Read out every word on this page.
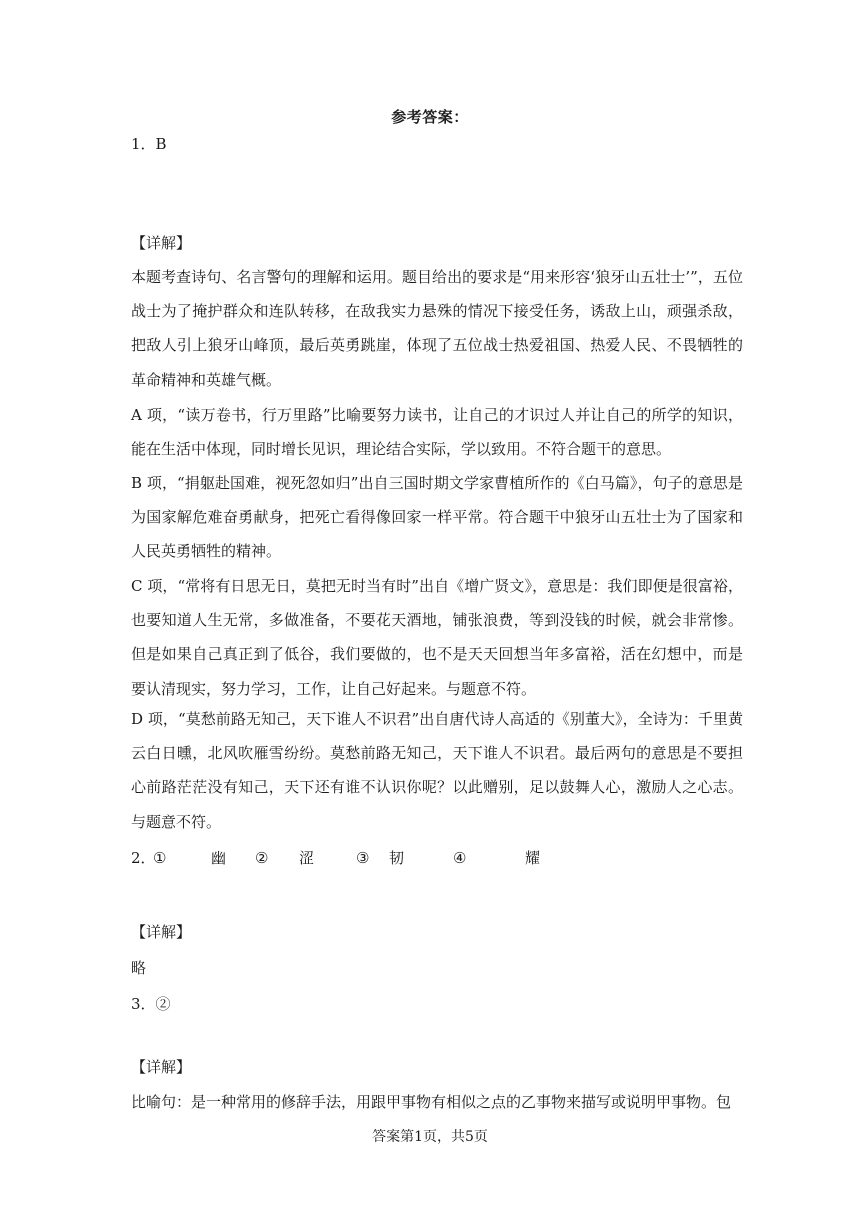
参考答案：
1．B
【详解】
本题考查诗句、名言警句的理解和运用。题目给出的要求是“用来形容‘狼牙山五壮士’”，五位战士为了掩护群众和连队转移，在敌我实力悬殊的情况下接受任务，诱敌上山，顽强杀敌，把敌人引上狼牙山峰顶，最后英勇跳崖，体现了五位战士热爱祖国、热爱人民、不畏牺牲的革命精神和英雄气概。
A 项，“读万卷书，行万里路”比喻要努力读书，让自己的才识过人并让自己的所学的知识，能在生活中体现，同时增长见识，理论结合实际，学以致用。不符合题干的意思。
B 项，“捐躯赴国难，视死忽如归”出自三国时期文学家曹植所作的《白马篇》，句子的意思是为国家解危难奋勇献身，把死亡看得像回家一样平常。符合题干中狼牙山五壮士为了国家和人民英勇牺牲的精神。
C 项，“常将有日思无日，莫把无时当有时”出自《增广贤文》，意思是：我们即便是很富裕，也要知道人生无常，多做准备，不要花天酒地，铺张浪费，等到没钱的时候，就会非常惨。但是如果自己真正到了低谷，我们要做的，也不是天天回想当年多富裕，活在幻想中，而是要认清现实，努力学习，工作，让自己好起来。与题意不符。
D 项，“莫愁前路无知己，天下谁人不识君”出自唐代诗人高适的《别董大》，全诗为：千里黄云白日曛，北风吹雁雪纷纷。莫愁前路无知己，天下谁人不识君。最后两句的意思是不要担心前路茫茫没有知己，天下还有谁不认识你呢？以此赠别，足以鼓舞人心，激励人之心志。与题意不符。
2．
①	幽 ② 涩	③ 韧	④	耀
【详解】
略
3．②
【详解】
比喻句：是一种常用的修辞手法，用跟甲事物有相似之点的乙事物来描写或说明甲事物。包
答案第1页，共5页
